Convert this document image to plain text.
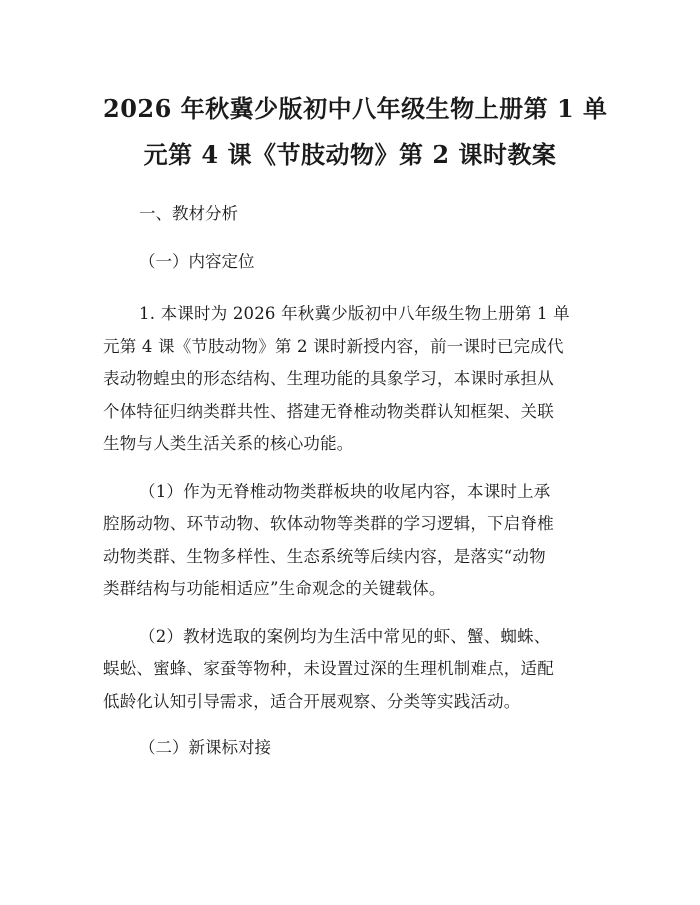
2026 年秋冀少版初中八年级生物上册第 1 单
元第 4 课《节肢动物》第 2 课时教案
一、教材分析
（一）内容定位
1. 本课时为 2026 年秋冀少版初中八年级生物上册第 1 单
元第 4 课《节肢动物》第 2 课时新授内容，前一课时已完成代
表动物蝗虫的形态结构、生理功能的具象学习，本课时承担从
个体特征归纳类群共性、搭建无脊椎动物类群认知框架、关联
生物与人类生活关系的核心功能。
（1）作为无脊椎动物类群板块的收尾内容，本课时上承
腔肠动物、环节动物、软体动物等类群的学习逻辑，下启脊椎
动物类群、生物多样性、生态系统等后续内容，是落实“动物
类群结构与功能相适应”生命观念的关键载体。
（2）教材选取的案例均为生活中常见的虾、蟹、蜘蛛、
蜈蚣、蜜蜂、家蚕等物种，未设置过深的生理机制难点，适配
低龄化认知引导需求，适合开展观察、分类等实践活动。
（二）新课标对接
